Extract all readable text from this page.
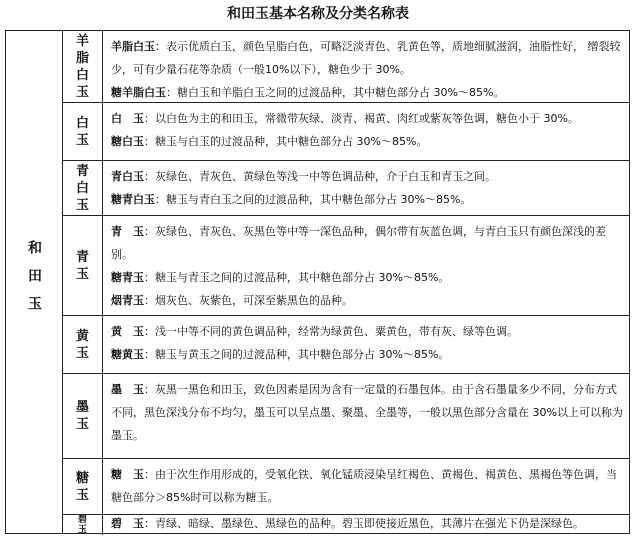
和田玉基本名称及分类名称表
和田玉
羊脂白玉

羊脂白玉：表示优质白玉，颜色呈脂白色，可略泛淡青色、乳黄色等，质地细腻滋润，油脂性好， 缯裂较少，可有少量石花等杂质（一般10%以下），糖色少于 30%。

糖羊脂白玉：糖白玉和羊脂白玉之间的过渡品种，其中糖色部分占 30%～85%。

白玉

白　玉：以白色为主的和田玉，常微带灰绿、淡青、褐黄、肉红或紫灰等色调，糖色小于 30%。

糖白玉：糖玉与白玉的过渡品种，其中糖色部分占 30%～85%。

青白玉

青白玉：灰绿色、青灰色、黄绿色等浅一中等色调品种，介于白玉和青玉之间。

糖青白玉：糖玉与青白玉之间的过渡品种，其中糖色部分占 30%～85%。

青玉

青　玉：灰绿色、青灰色、灰黑色等中等一深色品种，偶尔带有灰蓝色调，与青白玉只有颜色深浅的差别。

糖青玉：糖玉与青玉之间的过渡品种，其中糖色部分占 30%～85%。

烟青玉：烟灰色、灰紫色，可深至紫黑色的品种。

黄玉

黄　玉：浅一中等不同的黄色调品种，经常为绿黄色、粟黄色，带有灰、绿等色调。

糖黄玉：糖玉与黄玉之间的过渡品种，其中糖色部分占 30%～85%。

墨玉

墨　玉：灰黑一黑色和田玉，致色因素是因为含有一定量的石墨包体。由于含石墨量多少不同，分布方式不同，黑色深浅分布不均匀，墨玉可以呈点墨、聚墨、全墨等，一般以黑色部分含量在 30%以上可以称为墨玉。

糖玉

糖　玉：由于次生作用形成的，受氧化铁、氧化锰质浸染呈红褐色、黄褐色、褐黄色、黑褐色等色调，当糖色部分＞85%时可以称为糖玉。

碧玉 碧　玉：青绿、暗绿、墨绿色、黑绿色的品种。碧玉即使接近黑色，其薄片在强光下仍是深绿色。
